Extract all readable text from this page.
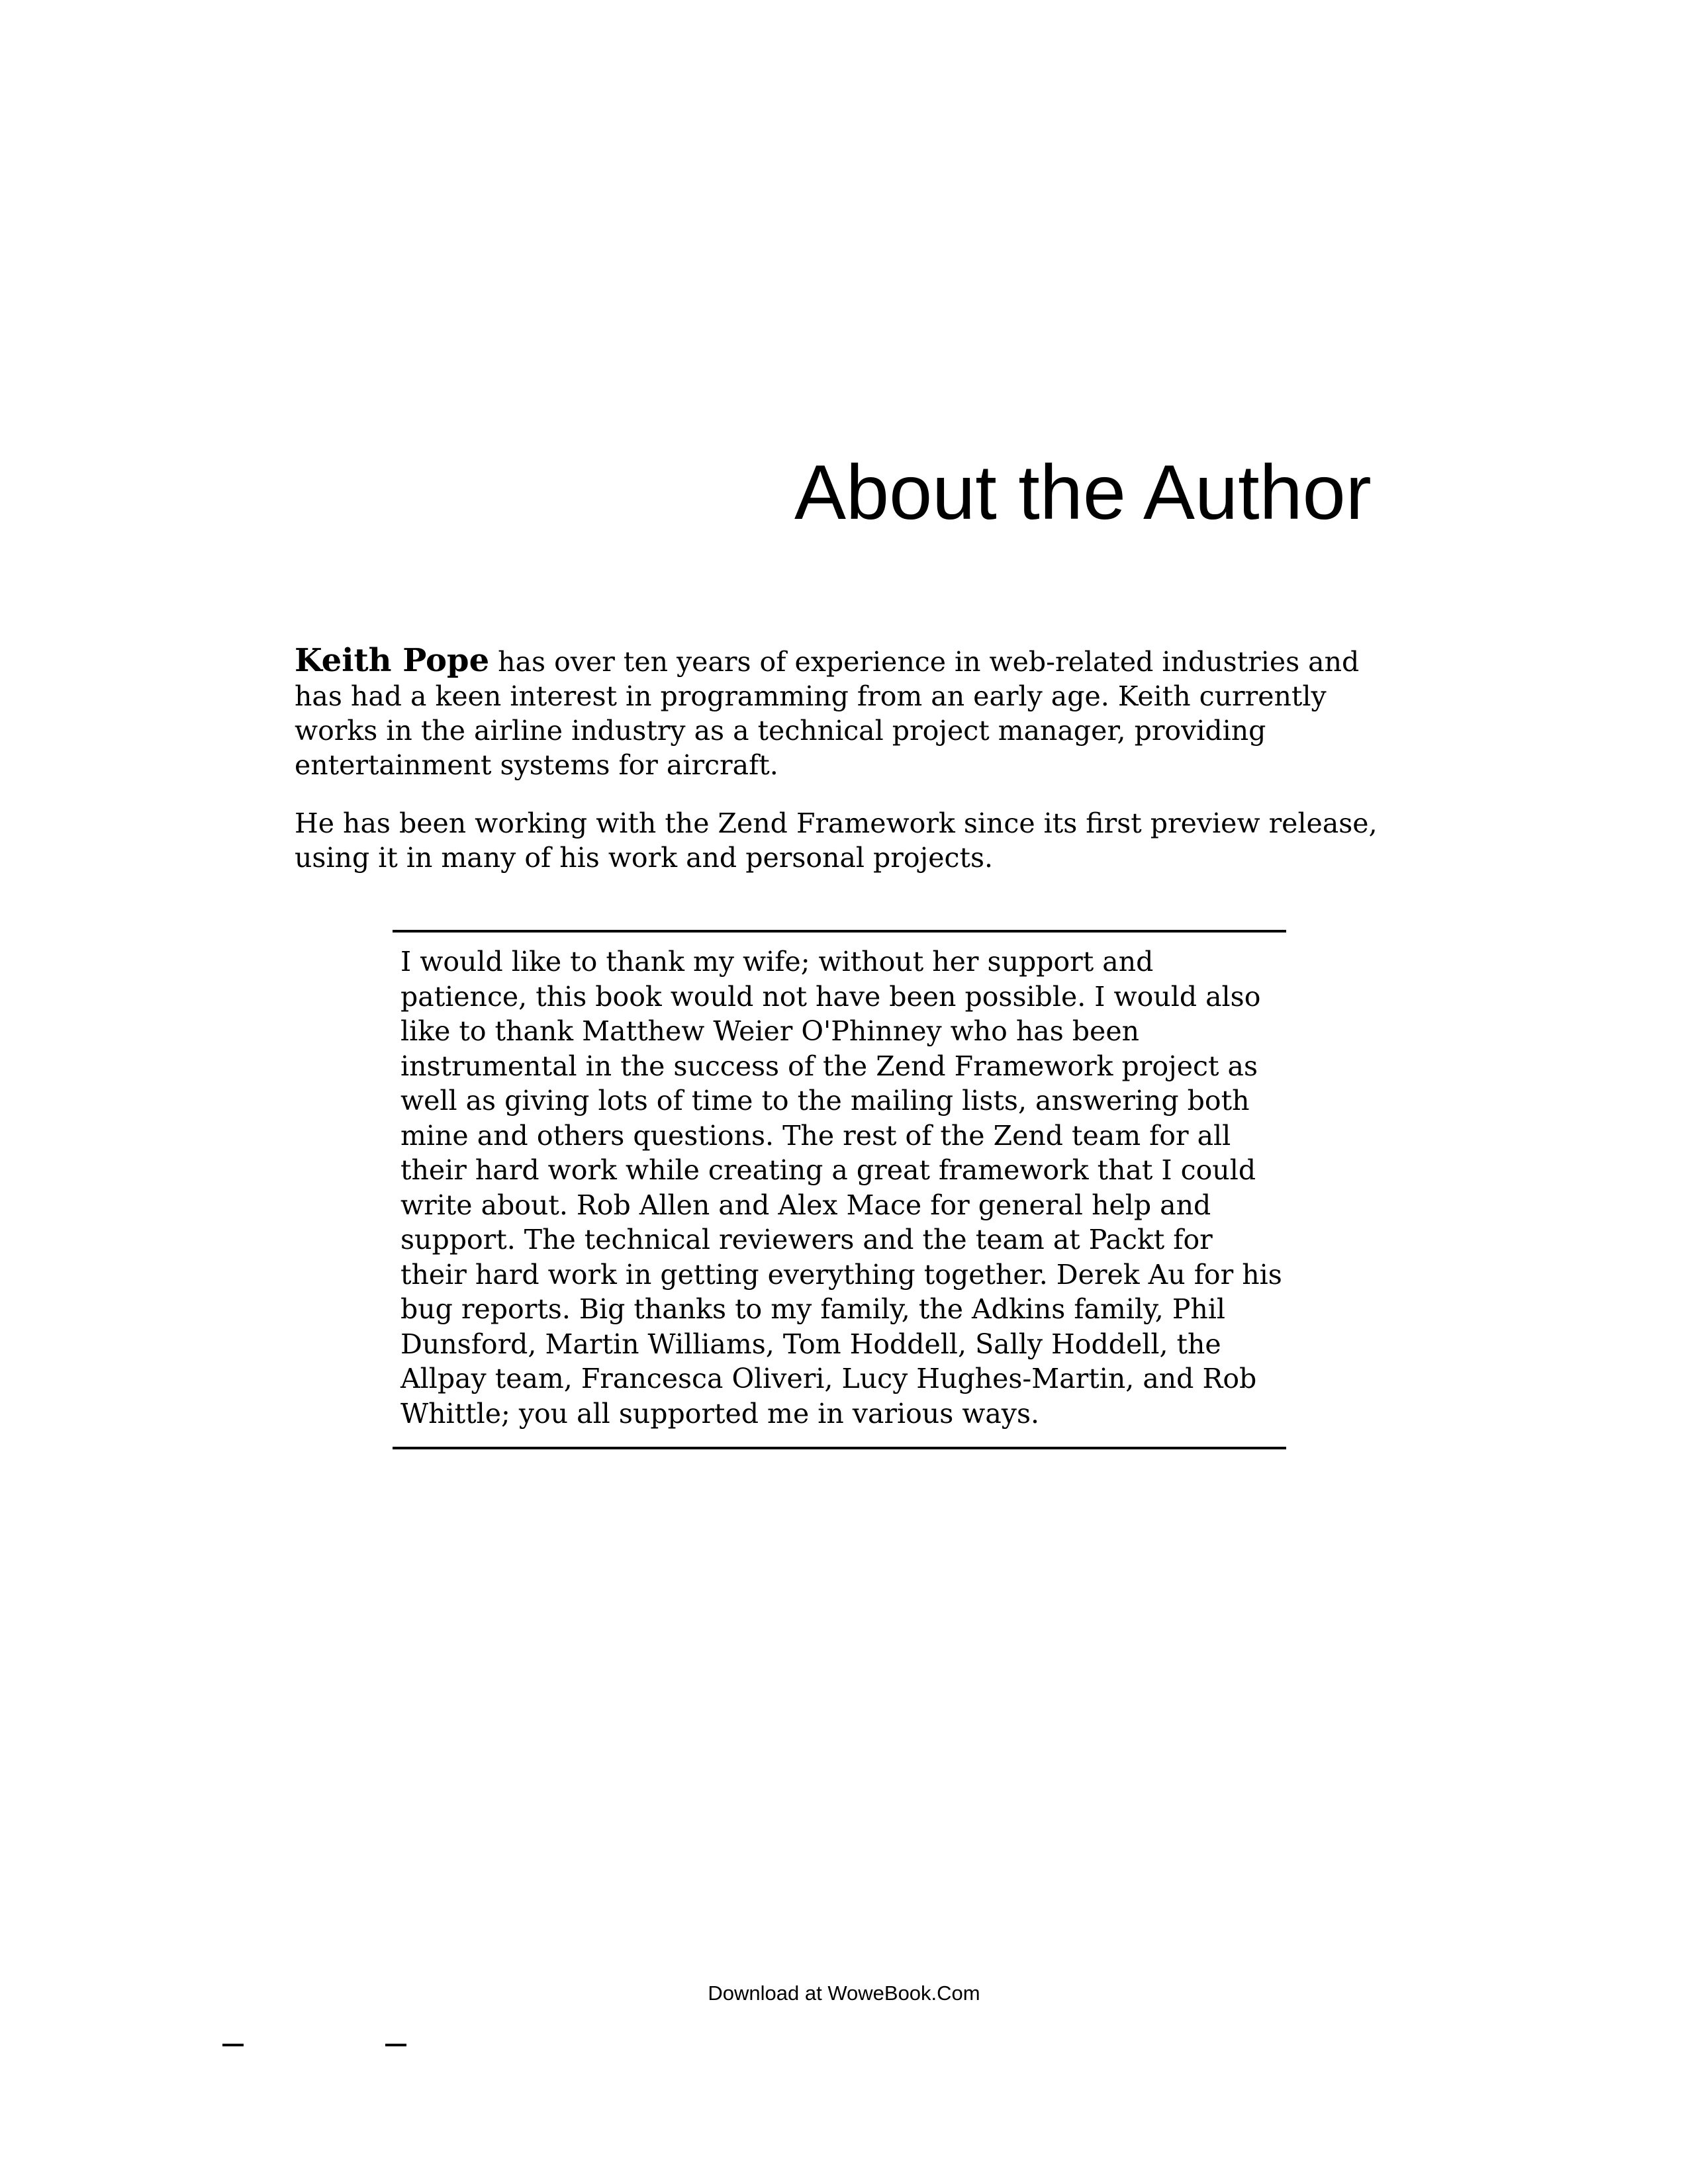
About the Author

Keith Pope has over ten years of experience in web-related industries and has had a keen interest in programming from an early age. Keith currently works in the airline industry as a technical project manager, providing entertainment systems for aircraft.

He has been working with the Zend Framework since its first preview release, using it in many of his work and personal projects.

I would like to thank my wife; without her support and patience, this book would not have been possible. I would also like to thank Matthew Weier O'Phinney who has been instrumental in the success of the Zend Framework project as well as giving lots of time to the mailing lists, answering both mine and others questions. The rest of the Zend team for all their hard work while creating a great framework that I could write about. Rob Allen and Alex Mace for general help and support. The technical reviewers and the team at Packt for their hard work in getting everything together. Derek Au for his bug reports. Big thanks to my family, the Adkins family, Phil Dunsford, Martin Williams, Tom Hoddell, Sally Hoddell, the Allpay team, Francesca Oliveri, Lucy Hughes-Martin, and Rob Whittle; you all supported me in various ways.

Download at WoweBook.Com
